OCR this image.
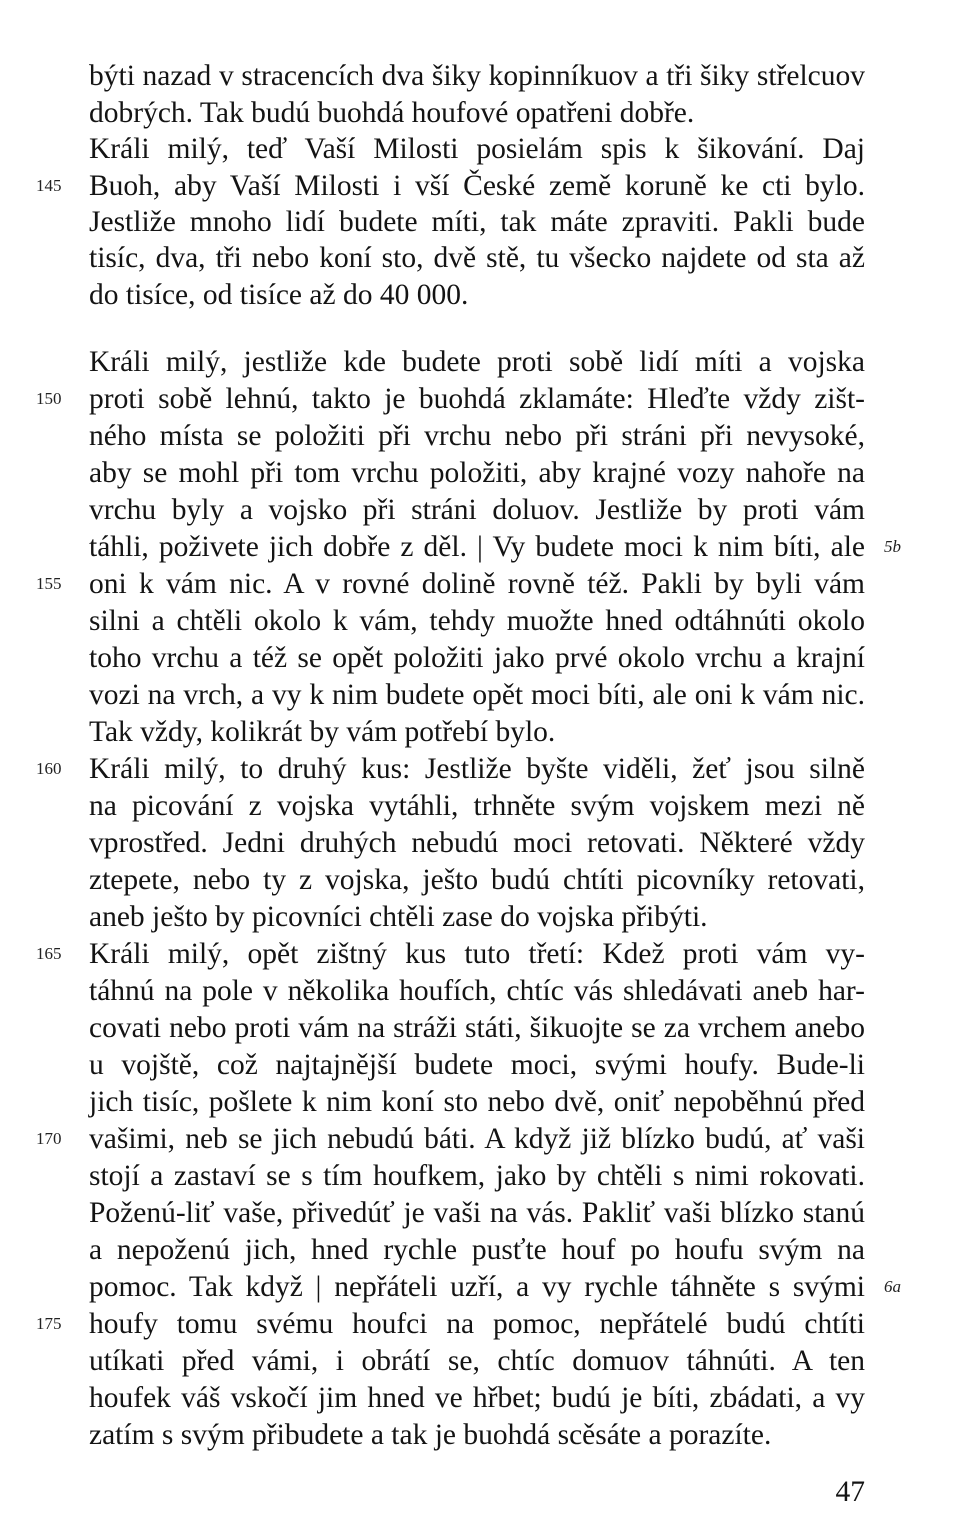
býti nazad v stracencích dva šiky kopinníkuov a tři šiky střelcuov
dobrých. Tak budú buohdá houfové opatřeni dobře.
Králi milý, teď Vaší Milosti posielám spis k šikování. Daj
Buoh, aby Vaší Milosti i vší České země koruně ke cti bylo.
Jestliže mnoho lidí budete míti, tak máte zpraviti. Pakli bude
tisíc, dva, tři nebo koní sto, dvě stě, tu všecko najdete od sta až
do tisíce, od tisíce až do 40 000.
Králi milý, jestliže kde budete proti sobě lidí míti a vojska
proti sobě lehnú, takto je buohdá zklamáte: Hleďte vždy zišt-
ného místa se položiti při vrchu nebo při stráni při nevysoké,
aby se mohl při tom vrchu položiti, aby krajné vozy nahoře na
vrchu byly a vojsko při stráni doluov. Jestliže by proti vám
táhli, poživete jich dobře z děl. | Vy budete moci k nim bíti, ale
oni k vám nic. A v rovné dolině rovně též. Pakli by byli vám
silni a chtěli okolo k vám, tehdy muožte hned odtáhnúti okolo
toho vrchu a též se opět položiti jako prvé okolo vrchu a krajní
vozi na vrch, a vy k nim budete opět moci bíti, ale oni k vám nic.
Tak vždy, kolikrát by vám potřebí bylo.
Králi milý, to druhý kus: Jestliže byšte viděli, žeť jsou silně
na picování z vojska vytáhli, trhněte svým vojskem mezi ně
vprostřed. Jedni druhých nebudú moci retovati. Některé vždy
ztepete, nebo ty z vojska, ješto budú chtíti picovníky retovati,
aneb ješto by picovníci chtěli zase do vojska přibýti.
Králi milý, opět zištný kus tuto třetí: Kdež proti vám vy-
táhnú na pole v několika houfích, chtíc vás shledávati aneb har-
covati nebo proti vám na stráži státi, šikuojte se za vrchem anebo
u vojště, což najtajnější budete moci, svými houfy. Bude-li
jich tisíc, pošlete k nim koní sto nebo dvě, oniť nepoběhnú před
vašimi, neb se jich nebudú báti. A když již blízko budú, ať vaši
stojí a zastaví se s tím houfkem, jako by chtěli s nimi rokovati.
Poženú-liť vaše, přivedúť je vaši na vás. Pakliť vaši blízko stanú
a nepoženú jich, hned rychle pusťte houf po houfu svým na
pomoc. Tak když | nepřáteli uzří, a vy rychle táhněte s svými
houfy tomu svému houfci na pomoc, nepřátelé budú chtíti
utíkati před vámi, i obrátí se, chtíc domuov táhnúti. A ten
houfek váš vskočí jim hned ve hřbet; budú je bíti, zbádati, a vy
zatím s svým přibudete a tak je buohdá scěsáte a porazíte.
145
150
155
160
165
170
175
5b
6a
47
